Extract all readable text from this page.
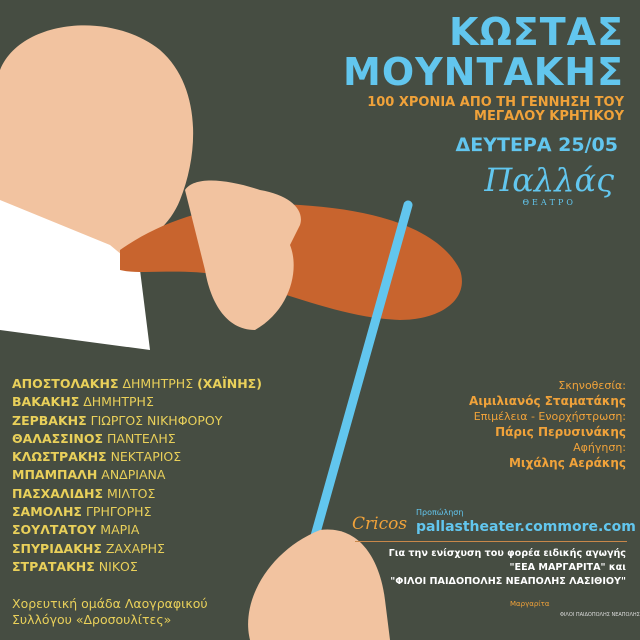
ΚΩΣΤΑΣ
ΜΟΥΝΤΑΚΗΣ
100 ΧΡΟΝΙΑ ΑΠΟ ΤΗ ΓΕΝΝΗΣΗ ΤΟΥ
ΜΕΓΑΛΟΥ ΚΡΗΤΙΚΟΥ
ΔΕΥΤΕΡΑ 25/05
Παλλάς
ΘΕΑΤΡΟ
ΑΠΟΣΤΟΛΑΚΗΣ ΔΗΜΗΤΡΗΣ (ΧΑΪΝΗΣ)
ΒΑΚΑΚΗΣ ΔΗΜΗΤΡΗΣ
ΖΕΡΒΑΚΗΣ ΓΙΩΡΓΟΣ ΝΙΚΗΦΟΡΟΥ
ΘΑΛΑΣΣΙΝΟΣ ΠΑΝΤΕΛΗΣ
ΚΛΩΣΤΡΑΚΗΣ ΝΕΚΤΑΡΙΟΣ
ΜΠΑΜΠΑΛΗ ΑΝΔΡΙΑΝΑ
ΠΑΣΧΑΛΙΔΗΣ ΜΙΛΤΟΣ
ΣΑΜΟΛΗΣ ΓΡΗΓΟΡΗΣ
ΣΟΥΛΤΑΤΟΥ ΜΑΡΙΑ
ΣΠΥΡΙΔΑΚΗΣ ΖΑΧΑΡΗΣ
ΣΤΡΑΤΑΚΗΣ ΝΙΚΟΣ
Χορευτική ομάδα Λαογραφικού
Συλλόγου «Δροσουλίτες»
Σκηνοθεσία:
Αιμιλιανός Σταματάκης
Επιμέλεια - Ενορχήστρωση:
Πάρις Περυσινάκης
Αφήγηση:
Μιχάλης Αεράκης
Cricos
Προπώληση
pallastheater.com more.com
Για την ενίσχυση του φορέα ειδικής αγωγής
"ΕΕΑ ΜΑΡΓΑΡΙΤΑ" και
"ΦΙΛΟΙ ΠΑΙΔΟΠΟΛΗΣ ΝΕΑΠΟΛΗΣ ΛΑΣΙΘΙΟΥ"
Μαργαρίτα
ΦΙΛΟΙ ΠΑΙΔΟΠΟΛΗΣ ΝΕΑΠΟΛΗΣ
